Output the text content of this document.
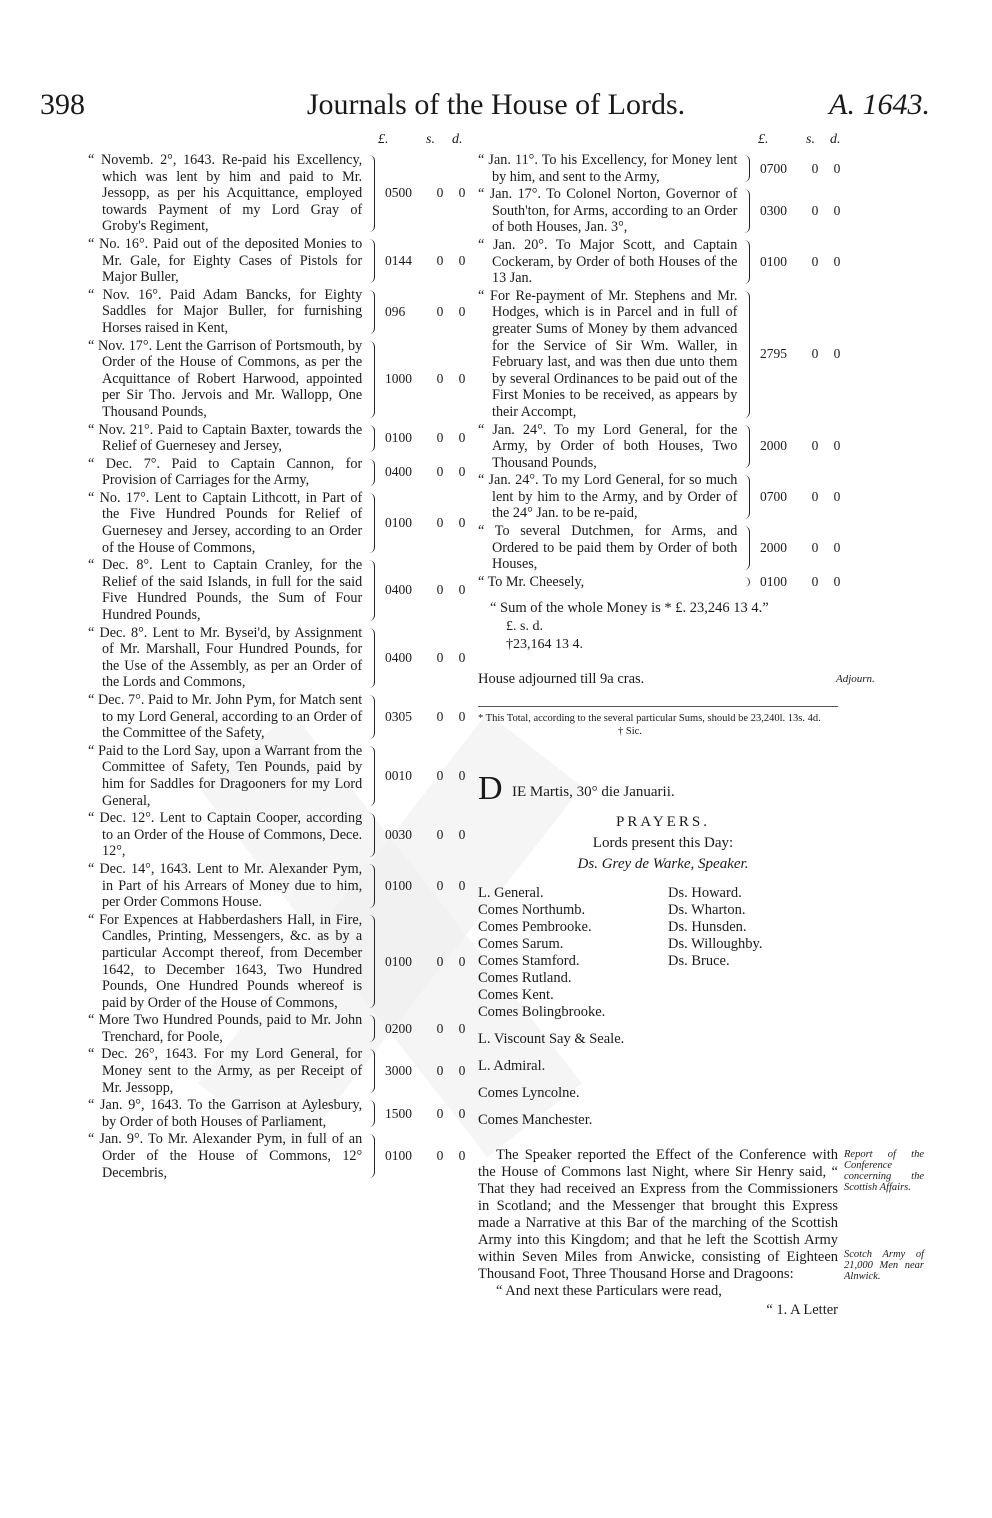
398	Journals of the House of Lords.	A. 1643.
£.	s. d.
“ Novemb. 2°, 1643. Re-paid his Excellency, which was lent by him and paid to Mr. Jessopp, as per his Acquittance, employed towards Payment of my Lord Gray of Groby's Regiment,
0500	0	0
“ No. 16°. Paid out of the deposited Monies to Mr. Gale, for Eighty Cases of Pistols for Major Buller,
0144	0	0
“ Nov. 16°. Paid Adam Bancks, for Eighty Saddles for Major Buller, for furnishing Horses raised in Kent,
096	0	0
“ Nov. 17°. Lent the Garrison of Portsmouth, by Order of the House of Commons, as per the Acquittance of Robert Harwood, appointed per Sir Tho. Jervois and Mr. Wallopp, One Thousand Pounds,
1000	0	0
“ Nov. 21°. Paid to Captain Baxter, towards the Relief of Guernesey and Jersey,
0100	0	0
“ Dec. 7°. Paid to Captain Cannon, for Provision of Carriages for the Army,
0400	0	0
“ No. 17°. Lent to Captain Lithcott, in Part of the Five Hundred Pounds for Relief of Guernesey and Jersey, according to an Order of the House of Commons,
0100	0	0
“ Dec. 8°. Lent to Captain Cranley, for the Relief of the said Islands, in full for the said Five Hundred Pounds, the Sum of Four Hundred Pounds,
0400	0	0
“ Dec. 8°. Lent to Mr. Bysei'd, by Assignment of Mr. Marshall, Four Hundred Pounds, for the Use of the Assembly, as per an Order of the Lords and Commons,
0400	0	0
“ Dec. 7°. Paid to Mr. John Pym, for Match sent to my Lord General, according to an Order of the Committee of the Safety,
0305	0	0
“ Paid to the Lord Say, upon a Warrant from the Committee of Safety, Ten Pounds, paid by him for Saddles for Dragooners for my Lord General,
0010	0	0
“ Dec. 12°. Lent to Captain Cooper, according to an Order of the House of Commons, Dece. 12°,
0030	0	0
“ Dec. 14°, 1643. Lent to Mr. Alexander Pym, in Part of his Arrears of Money due to him, per Order Commons House.
0100	0	0
“ For Expences at Habberdashers Hall, in Fire, Candles, Printing, Messengers, &c. as by a particular Accompt thereof, from December 1642, to December 1643, Two Hundred Pounds, One Hundred Pounds whereof is paid by Order of the House of Commons,
0100	0	0
“ More Two Hundred Pounds, paid to Mr. John Trenchard, for Poole,
0200	0	0
“ Dec. 26°, 1643. For my Lord General, for Money sent to the Army, as per Receipt of Mr. Jessopp,
3000	0	0
“ Jan. 9°, 1643. To the Garrison at Aylesbury, by Order of both Houses of Parliament,
1500	0	0
“ Jan. 9°. To Mr. Alexander Pym, in full of an Order of the House of Commons, 12° Decembris,
0100	0	0
£.	s. d.
“ Jan. 11°. To his Excellency, for Money lent by him, and sent to the Army,
0700	0	0
“ Jan. 17°. To Colonel Norton, Governor of South'ton, for Arms, according to an Order of both Houses, Jan. 3°,
0300	0	0
“ Jan. 20°. To Major Scott, and Captain Cockeram, by Order of both Houses of the 13 Jan.
0100	0	0
“ For Re-payment of Mr. Stephens and Mr. Hodges, which is in Parcel and in full of greater Sums of Money by them advanced for the Service of Sir Wm. Waller, in February last, and was then due unto them by several Ordinances to be paid out of the First Monies to be received, as appears by their Accompt,
2795	0	0
“ Jan. 24°. To my Lord General, for the Army, by Order of both Houses, Two Thousand Pounds,
2000	0	0
“ Jan. 24°. To my Lord General, for so much lent by him to the Army, and by Order of the 24° Jan. to be re-paid,
0700	0	0
“ To several Dutchmen, for Arms, and Ordered to be paid them by Order of both Houses,
2000	0	0
“ To Mr. Cheesely,	0100	0	0
“ Sum of the whole Money is * £. 23,246 13 4.”
£. s. d.
†23,164 13 4.
House adjourned till 9a cras.	Adjourn.
* This Total, according to the several particular Sums, should be 23,240l. 13s. 4d.
† Sic.
D IE Martis, 30° die Januarii.
PRAYERS.
Lords present this Day:
Ds. Grey de Warke, Speaker.
L. General.
Comes Northumb.
Comes Pembrooke.
Comes Sarum.
Comes Stamford.
Comes Rutland.
Comes Kent.
Comes Bolingbrooke.
Ds. Howard.
Ds. Wharton.
Ds. Hunsden.
Ds. Willoughby.
Ds. Bruce.
L. Viscount Say & Seale.
L. Admiral.
Comes Lyncolne.
Comes Manchester.
Report of the Conference concerning the Scottish Affairs.
Scotch Army of 21,000 Men near Alnwick.

The Speaker reported the Effect of the Conference with the House of Commons last Night, where Sir Henry said, “ That they had received an Express from the Commissioners in Scotland; and the Messenger that brought this Express made a Narrative at this Bar of the marching of the Scottish Army into this Kingdom; and that he left the Scottish Army within Seven Miles from Anwicke, consisting of Eighteen Thousand Foot, Three Thousand Horse and Dragoons:

“ And next these Particulars were read,

“ 1. A Letter
